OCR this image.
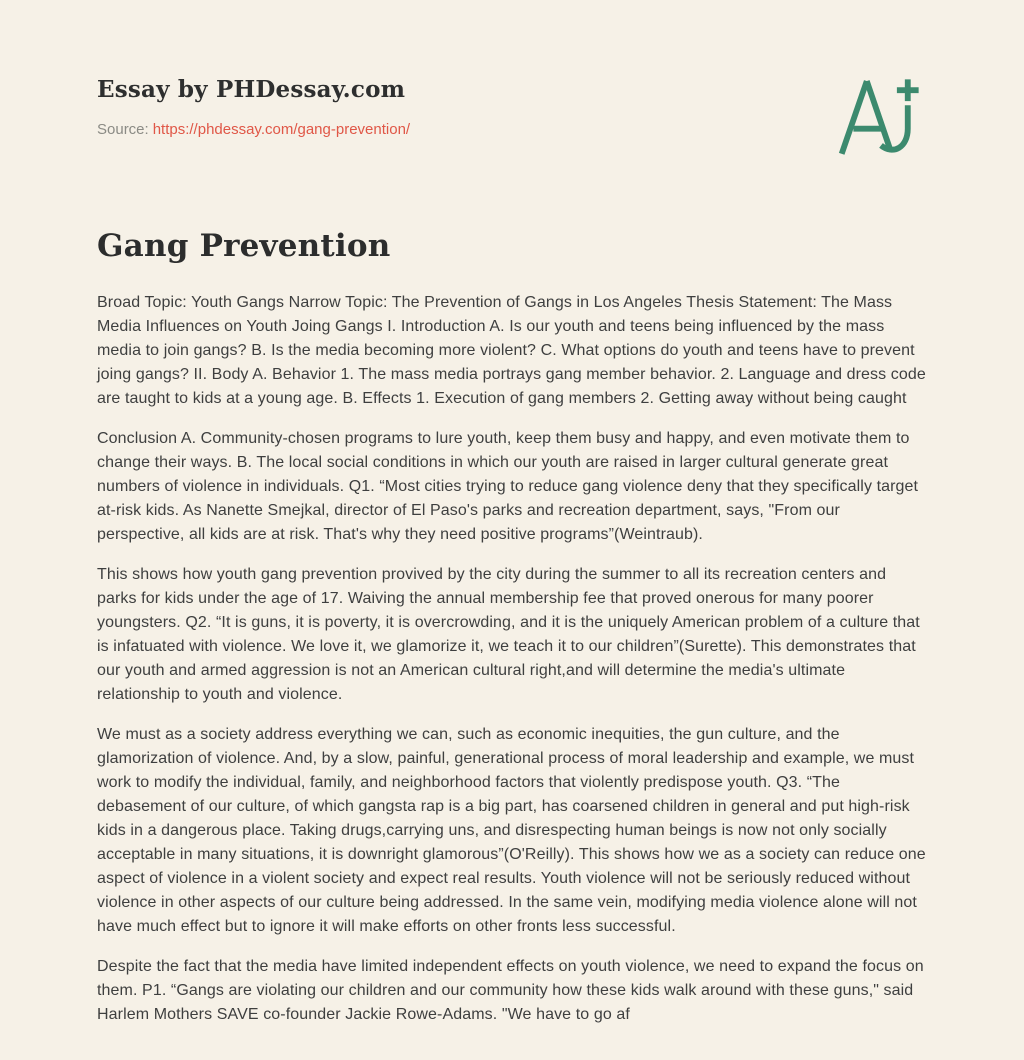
Essay by PHDessay.com

Source: https://phdessay.com/gang-prevention/

Gang Prevention

Broad Topic: Youth Gangs Narrow Topic: The Prevention of Gangs in Los Angeles Thesis Statement: The Mass Media Influences on Youth Joing Gangs I. Introduction A. Is our youth and teens being influenced by the mass media to join gangs? B. Is the media becoming more violent? C. What options do youth and teens have to prevent joing gangs? II. Body A. Behavior 1. The mass media portrays gang member behavior. 2. Language and dress code are taught to kids at a young age. B. Effects 1. Execution of gang members 2. Getting away without being caught

Conclusion A. Community-chosen programs to lure youth, keep them busy and happy, and even motivate them to change their ways. B. The local social conditions in which our youth are raised in larger cultural generate great numbers of violence in individuals. Q1. “Most cities trying to reduce gang violence deny that they specifically target at-risk kids. As Nanette Smejkal, director of El Paso's parks and recreation department, says, "From our perspective, all kids are at risk. That's why they need positive programs”(Weintraub).

This shows how youth gang prevention provived by the city during the summer to all its recreation centers and parks for kids under the age of 17. Waiving the annual membership fee that proved onerous for many poorer youngsters. Q2. “It is guns, it is poverty, it is overcrowding, and it is the uniquely American problem of a culture that is infatuated with violence. We love it, we glamorize it, we teach it to our children”(Surette). This demonstrates that our youth and armed aggression is not an American cultural right,and will determine the media's ultimate relationship to youth and violence.

We must as a society address everything we can, such as economic inequities, the gun culture, and the glamorization of violence. And, by a slow, painful, generational process of moral leadership and example, we must work to modify the individual, family, and neighborhood factors that violently predispose youth. Q3. “The debasement of our culture, of which gangsta rap is a big part, has coarsened children in general and put high-risk kids in a dangerous place. Taking drugs,carrying uns, and disrespecting human beings is now not only socially acceptable in many situations, it is downright glamorous”(O'Reilly). This shows how we as a society can reduce one aspect of violence in a violent society and expect real results. Youth violence will not be seriously reduced without violence in other aspects of our culture being addressed. In the same vein, modifying media violence alone will not have much effect but to ignore it will make efforts on other fronts less successful.

Despite the fact that the media have limited independent effects on youth violence, we need to expand the focus on them. P1. “Gangs are violating our children and our community how these kids walk around with these guns," said Harlem Mothers SAVE co-founder Jackie Rowe-Adams. "We have to go af
